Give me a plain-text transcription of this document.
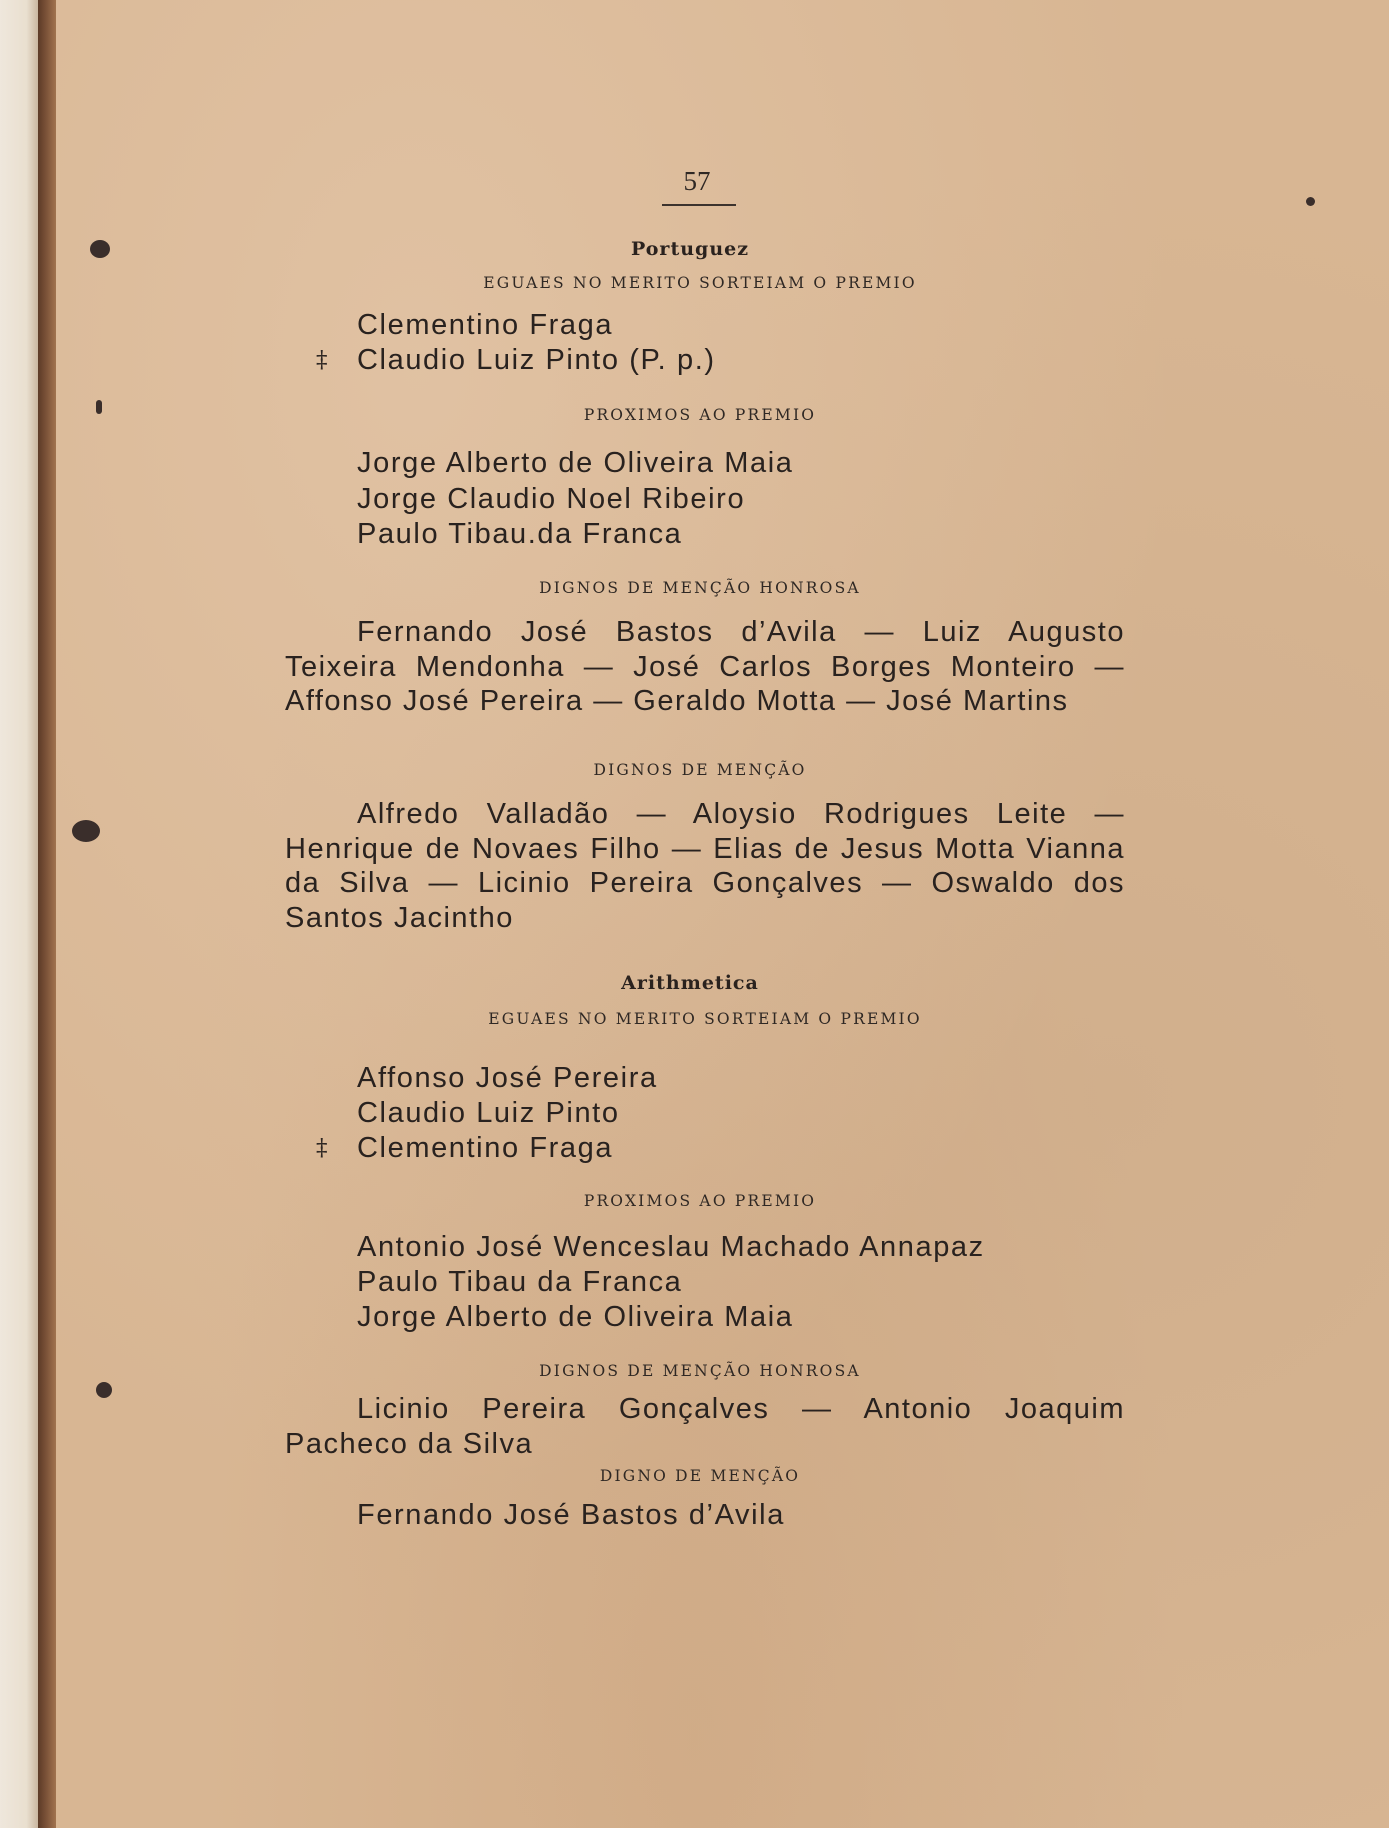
57
Portuguez
EGUAES NO MERITO SORTEIAM O PREMIO
Clementino Fraga
‡ Claudio Luiz Pinto (P. p.)
PROXIMOS AO PREMIO
Jorge Alberto de Oliveira Maia
Jorge Claudio Noel Ribeiro
Paulo Tibau.da Franca
DIGNOS DE MENÇÃO HONROSA
Fernando José Bastos d’Avila — Luiz Augusto Teixeira Mendonha — José Carlos Borges Monteiro — Affonso José Pereira — Geraldo Motta — José Martins
DIGNOS DE MENÇÃO
Alfredo Valladão — Aloysio Rodrigues Leite — Henrique de Novaes Filho — Elias de Jesus Motta Vianna da Silva — Licinio Pereira Gonçalves — Oswaldo dos Santos Jacintho
Arithmetica
EGUAES NO MERITO SORTEIAM O PREMIO
Affonso José Pereira
Claudio Luiz Pinto
‡ Clementino Fraga
PROXIMOS AO PREMIO
Antonio José Wenceslau Machado Annapaz
Paulo Tibau da Franca
Jorge Alberto de Oliveira Maia
DIGNOS DE MENÇÃO HONROSA
Licinio Pereira Gonçalves — Antonio Joaquim Pacheco da Silva
DIGNO DE MENÇÃO
Fernando José Bastos d’Avila
